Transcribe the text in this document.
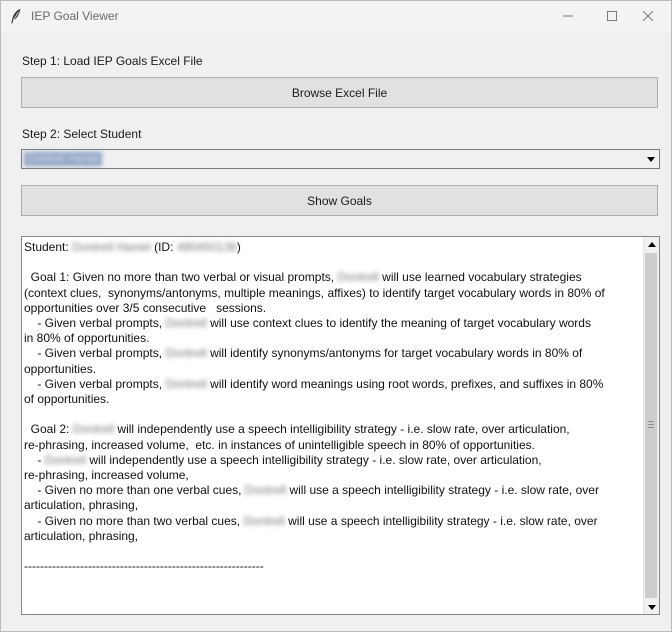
IEP Goal Viewer
Step 1: Load IEP Goals Excel File
Browse Excel File
Step 2: Select Student
Dontrell Haniel
Show Goals
Student: Dontrell Haniel (ID: 480450138)

Goal 1: Given no more than two verbal or visual prompts, Dontrell will use learned vocabulary strategies
(context clues,  synonyms/antonyms, multiple meanings, affixes) to identify target vocabulary words in 80% of
opportunities over 3/5 consecutive   sessions.
- Given verbal prompts, Dontrell will use context clues to identify the meaning of target vocabulary words
in 80% of opportunities.
- Given verbal prompts, Dontrell will identify synonyms/antonyms for target vocabulary words in 80% of
opportunities.
- Given verbal prompts, Dontrell will identify word meanings using root words, prefixes, and suffixes in 80%
of opportunities.

Goal 2: Dontrell will independently use a speech intelligibility strategy - i.e. slow rate, over articulation,
re-phrasing, increased volume,  etc. in instances of unintelligible speech in 80% of opportunities.
- Dontrell will independently use a speech intelligibility strategy - i.e. slow rate, over articulation,
re-phrasing, increased volume,
- Given no more than one verbal cues, Dontrell will use a speech intelligibility strategy - i.e. slow rate, over
articulation, phrasing,
- Given no more than two verbal cues, Dontrell will use a speech intelligibility strategy - i.e. slow rate, over
articulation, phrasing,

------------------------------------------------------------
